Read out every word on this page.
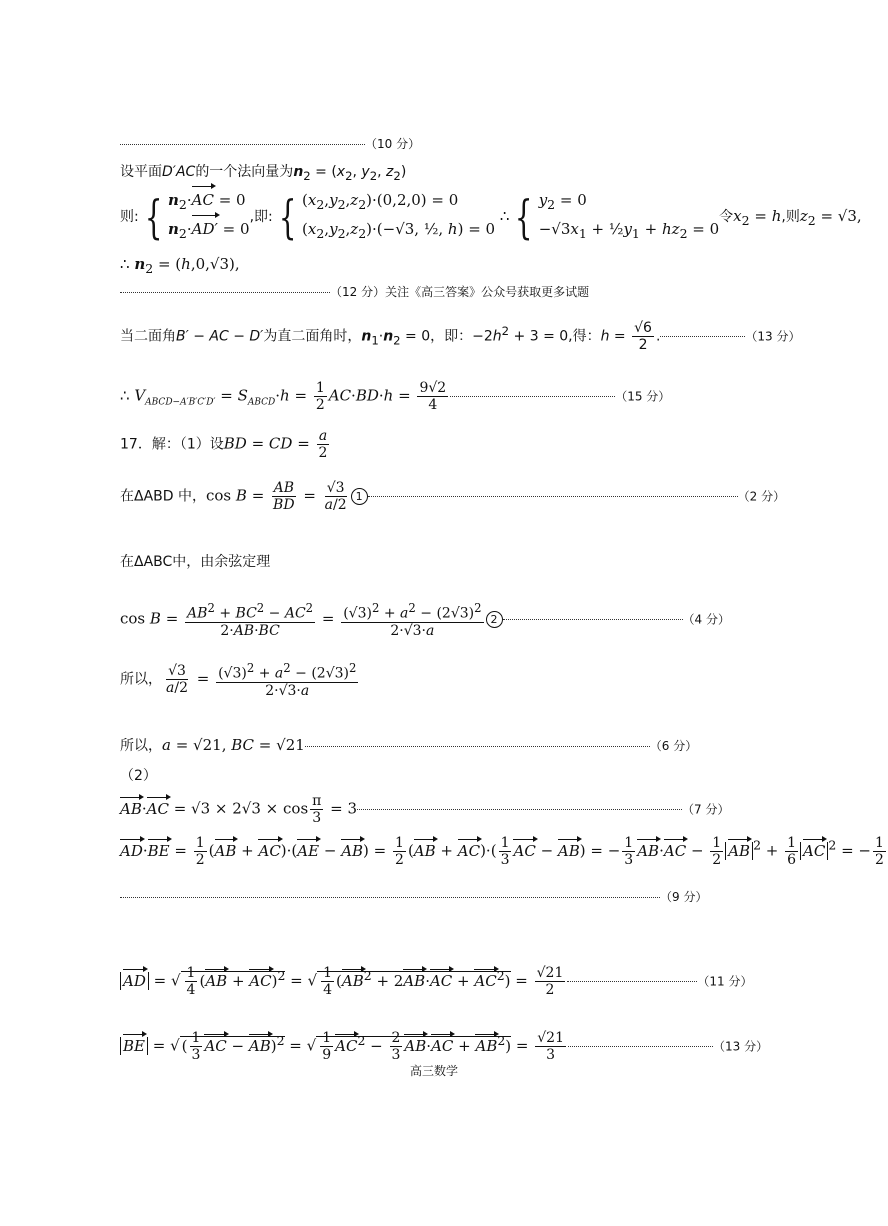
（10 分）
设平面D′AC的一个法向量为$n_2 = (x_2$, $y_2$, $z_2$)
则: { $n_2\cdot AC = 0$
$n_2\cdot AD' = 0$
,即: { $(x_2,y_2,z_2)\cdot(0,2,0) = 0$
$(x_2,y_2,z_2)\cdot(-√3$, ½, h) = 0
∴ { $y_2 = 0$
$-√3x_1$ + $\frac{1}{2}y_1 + hz_2 = 0$
令$x_2 = h$,则$z_2 = √3$,
∴ $n_2 = (h,0,√3)$,
（12 分）关注《高三答案》公众号获取更多试题
当二面角B′ − AC − D′为直二面角时，$n_1\cdot n_2 = 0$，即：$-2h^2 + 3 = 0$,得：$h = \frac{√6}{2}$ .	（13 分）
∴ $V_{ABCD-A'B'C'D'} = S_{ABCD}\cdot h = \frac{1}{2} AC\cdot BD\cdot h = \frac{9√2}{4}$	（15 分）
17．解：（1）设BD = CD = $\frac{a}{2}$
在ΔABD 中，$\cos B = \frac{AB}{BD} = \frac{√3}{a/2} 1$	（2 分）
在ΔABC中，由余弦定理
$\cos B = \frac{AB^2 + BC^2 - AC^2}{2\cdot AB\cdot BC} = \frac{(√3)^2 + a^2 - (2√3)^2}{2\cdot√3\cdot a} 2$	（4 分）
所以， $\frac{√3}{a/2} = \frac{(√3)^2 + a^2 - (2√3)^2}{2\cdot√3\cdot a}$
所以，a = √21, BC = √21	（6 分）
（2）
$AB\cdot AC = √3 \times 2√3 \times \cos \frac{\pi}{3} = 3$	（7 分）
$AD\cdot BE = \frac{1}{2} (AB + AC)\cdot(AE - AB) = \frac{1}{2} (AB + AC)\cdot( \frac{1}{3}$ AC − AB) = − $\frac{1}{3} AB\cdot AC - \frac{1}{2}$ AB $^2 + \frac{1}{6}$ AC $^2$ = − $\frac{1}{2}$
（9 分）
AD = √ $\frac{1}{4} (AB + AC)^2$ = √ $\frac{1}{4} (AB^2 + 2AB\cdot AC + AC^2) = \frac{√21}{2}$	（11 分）
BE = √ ( $\frac{1}{3}$ AC − AB)$^2$ = √ $\frac{1}{9} AC^2 - \frac{2}{3} AB\cdot AC + AB^2) = \frac{√21}{3}$	（13 分）
高三数学
